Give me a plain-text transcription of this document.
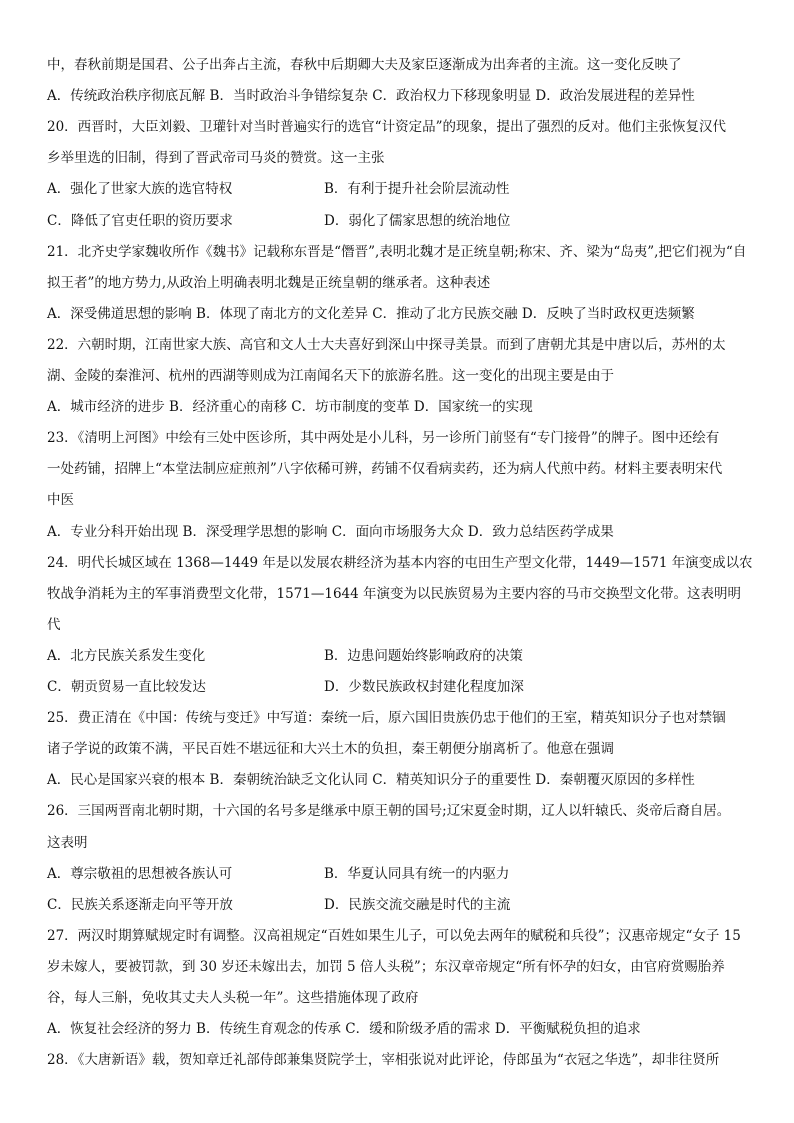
中，春秋前期是国君、公子出奔占主流，春秋中后期卿大夫及家臣逐渐成为出奔者的主流。这一变化反映了
A．传统政治秩序彻底瓦解 B．当时政治斗争错综复杂 C．政治权力下移现象明显 D．政治发展进程的差异性
20．西晋时，大臣刘毅、卫瓘针对当时普遍实行的选官“计资定品”的现象，提出了强烈的反对。他们主张恢复汉代
乡举里选的旧制，得到了晋武帝司马炎的赞赏。这一主张
A．强化了世家大族的选官特权	B．有利于提升社会阶层流动性
C．降低了官吏任职的资历要求	D．弱化了儒家思想的统治地位
21．北齐史学家魏收所作《魏书》记载称东晋是“僭晋”,表明北魏才是正统皇朝;称宋、齐、梁为“岛夷”,把它们视为“自
拟王者”的地方势力,从政治上明确表明北魏是正统皇朝的继承者。这种表述
A．深受佛道思想的影响 B．体现了南北方的文化差异 C．推动了北方民族交融 D．反映了当时政权更迭频繁
22．六朝时期，江南世家大族、高官和文人士大夫喜好到深山中探寻美景。而到了唐朝尤其是中唐以后，苏州的太
湖、金陵的秦淮河、杭州的西湖等则成为江南闻名天下的旅游名胜。这一变化的出现主要是由于
A．城市经济的进步 B．经济重心的南移 C．坊市制度的变革 D．国家统一的实现
23．《清明上河图》中绘有三处中医诊所，其中两处是小儿科，另一诊所门前竖有“专门接骨”的牌子。图中还绘有
一处药铺，招牌上“本堂法制应症煎剂”八字依稀可辨，药铺不仅看病卖药，还为病人代煎中药。材料主要表明宋代
中医
A．专业分科开始出现 B．深受理学思想的影响 C．面向市场服务大众 D．致力总结医药学成果
24．明代长城区域在 1368—1449 年是以发展农耕经济为基本内容的屯田生产型文化带，1449—1571 年演变成以农
牧战争消耗为主的军事消费型文化带，1571—1644 年演变为以民族贸易为主要内容的马市交换型文化带。这表明明
代
A．北方民族关系发生变化	B．边患问题始终影响政府的决策
C．朝贡贸易一直比较发达	D．少数民族政权封建化程度加深
25．费正清在《中国：传统与变迁》中写道：秦统一后，原六国旧贵族仍忠于他们的王室，精英知识分子也对禁锢
诸子学说的政策不满，平民百姓不堪远征和大兴土木的负担，秦王朝便分崩离析了。他意在强调
A．民心是国家兴衰的根本 B．秦朝统治缺乏文化认同 C．精英知识分子的重要性 D．秦朝覆灭原因的多样性
26．三国两晋南北朝时期，十六国的名号多是继承中原王朝的国号;辽宋夏金时期，辽人以轩辕氏、炎帝后裔自居。
这表明
A．尊宗敬祖的思想被各族认可	B．华夏认同具有统一的内驱力
C．民族关系逐渐走向平等开放	D．民族交流交融是时代的主流
27．两汉时期算赋规定时有调整。汉高祖规定“百姓如果生儿子，可以免去两年的赋税和兵役”；汉惠帝规定“女子 15
岁未嫁人，要被罚款，到 30 岁还未嫁出去，加罚 5 倍人头税”；东汉章帝规定“所有怀孕的妇女，由官府赏赐胎养
谷，每人三斛，免收其丈夫人头税一年”。这些措施体现了政府
A．恢复社会经济的努力 B．传统生育观念的传承 C．缓和阶级矛盾的需求 D．平衡赋税负担的追求
28．《大唐新语》载，贺知章迁礼部侍郎兼集贤院学士，宰相张说对此评论，侍郎虽为“衣冠之华选”，却非往贤所
